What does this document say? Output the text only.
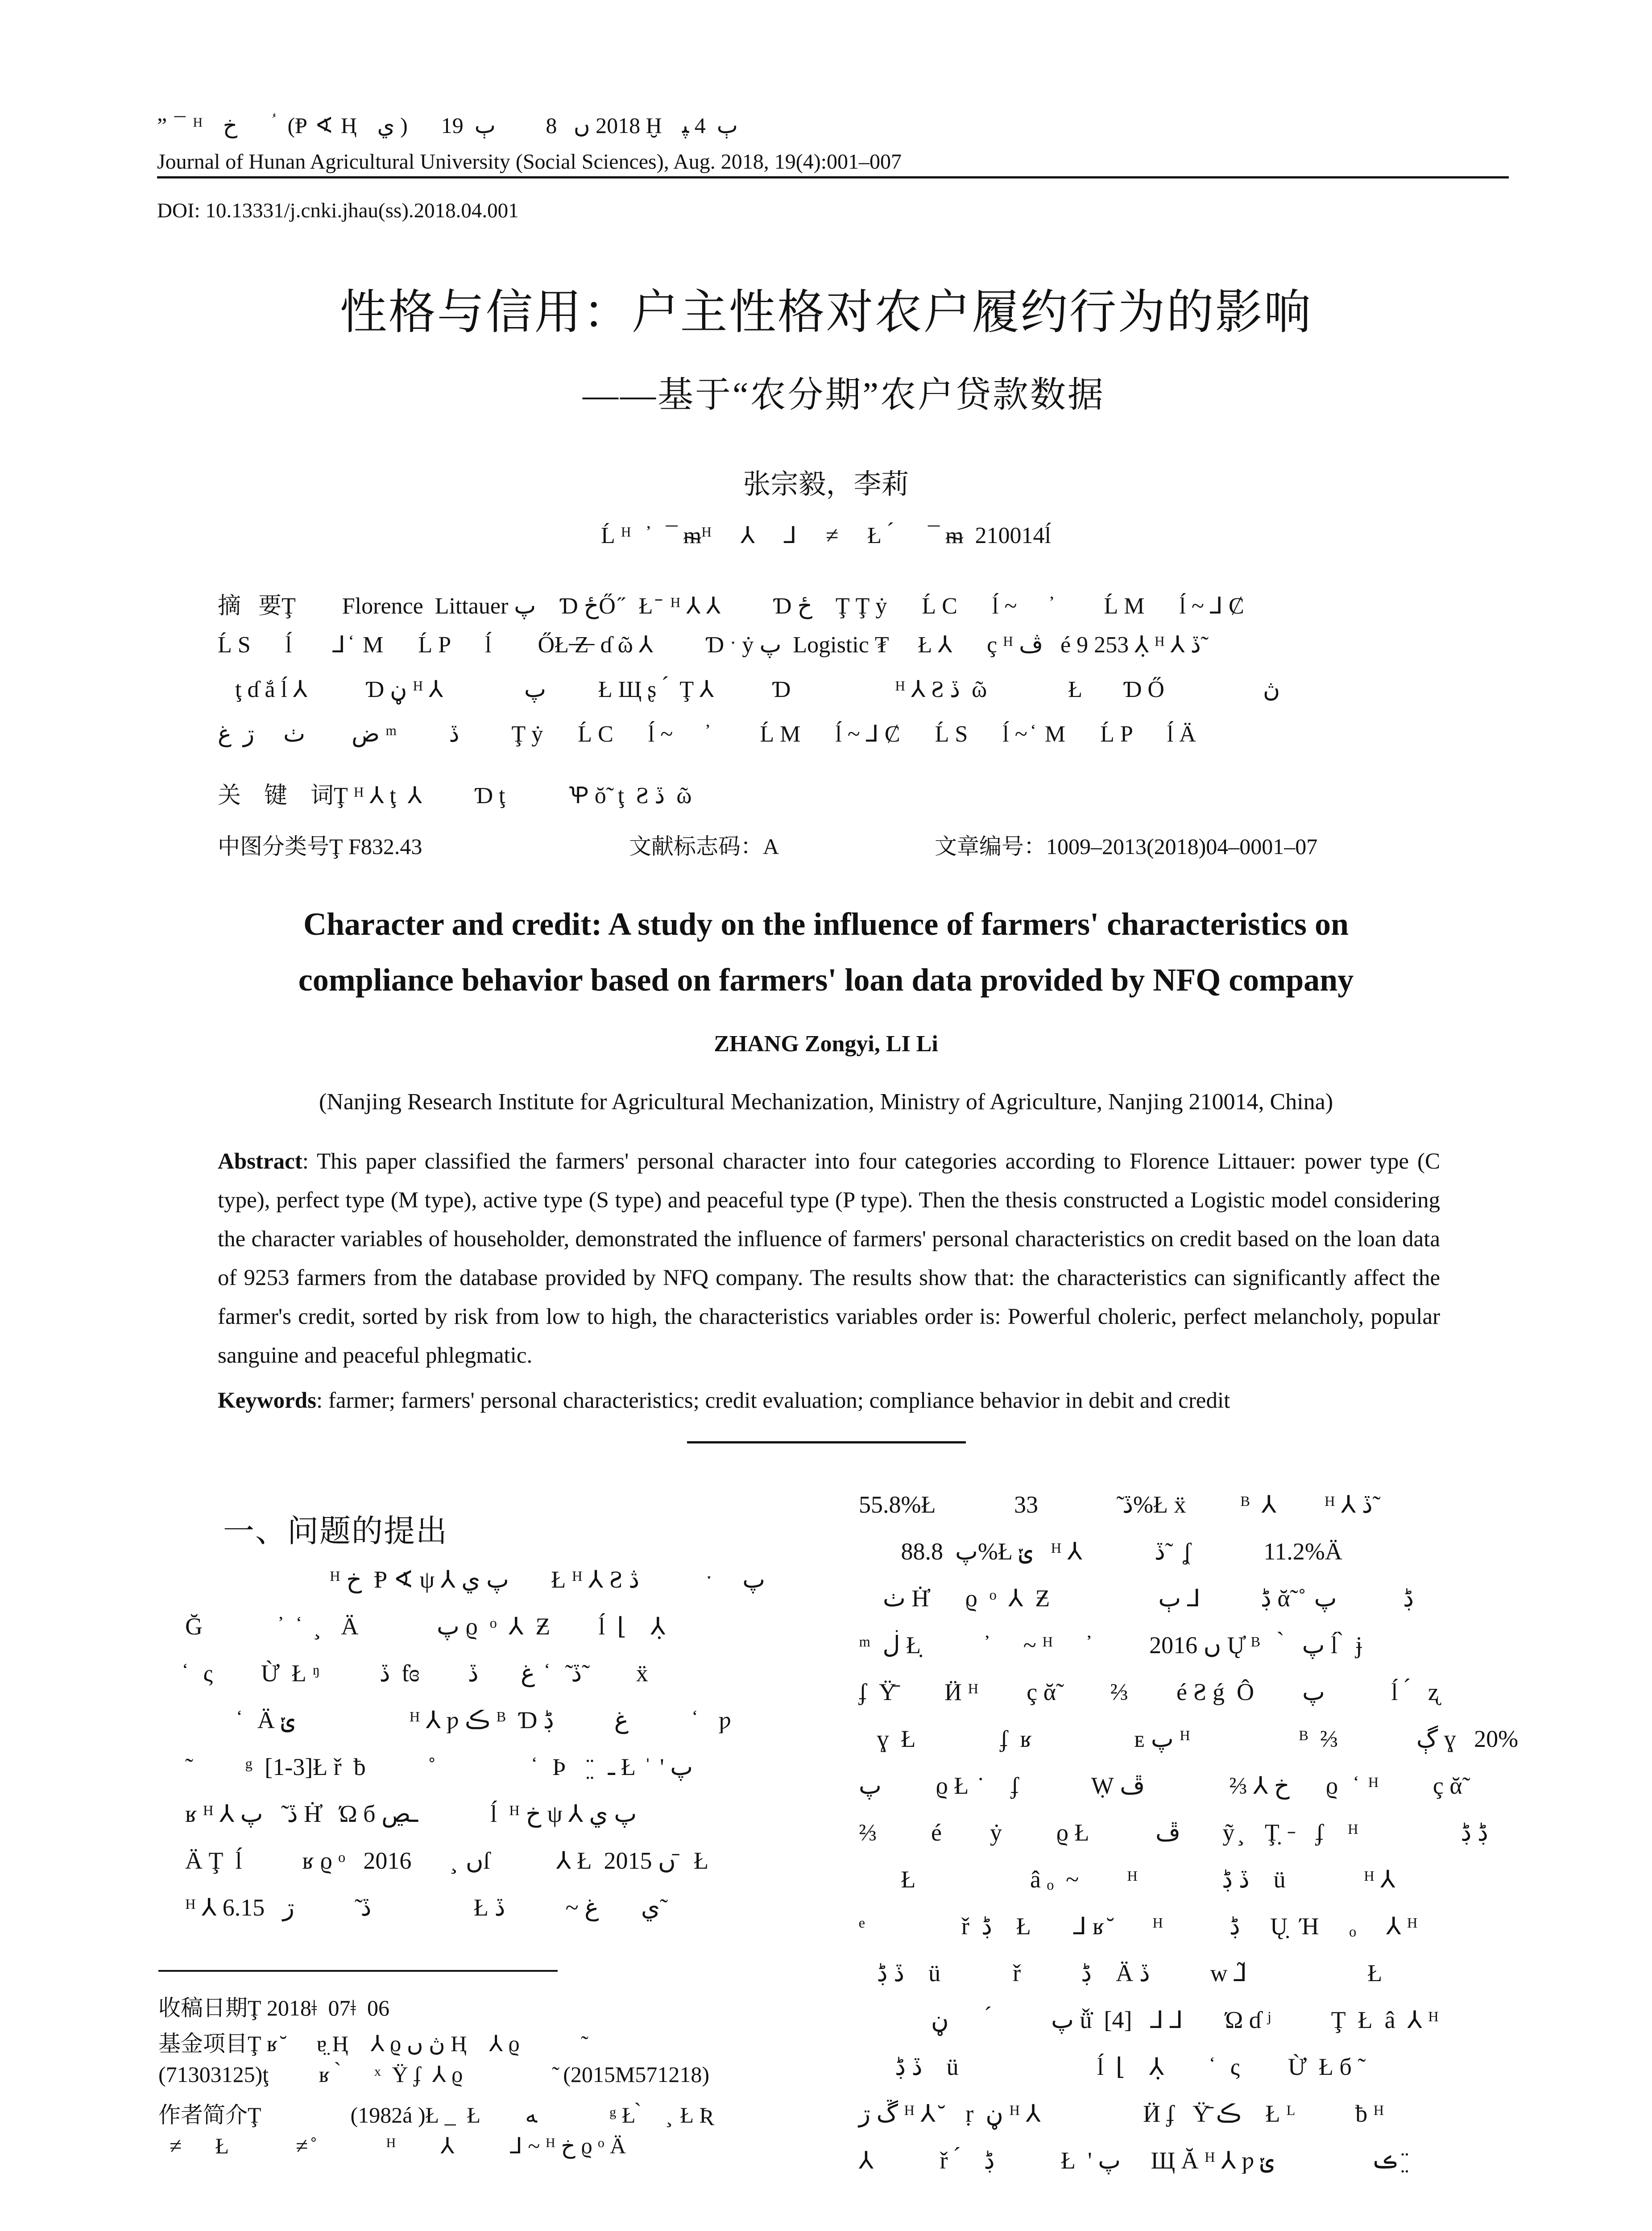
” ¯ ᴴ   خ       ؙ  (Ᵽ ∢ Ⱨ   ي )      2018 ں   8         ٻ  19 Ḫ   ٻ  4 ﭙ
Journal of Hunan Agricultural University (Social Sciences), Aug. 2018, 19(4):001–007
DOI: 10.13331/j.cnki.jhau(ss).2018.04.001
性格与信用：户主性格对农户履约行为的影响
——基于“农分期”农户贷款数据
张宗毅，李莉
Ĺ ᴴ   ̓   ¯ ᵯᴴ     ⅄     ⅃     ≠     Ł  ́      ¯ ᵯ  210014ĺ
摘   要Ţ        Florence  Littauer پ    Ɗ ځŐ ̋   Ł ̄  ᴴ ⅄ ⅄         Ɗ ځ    Ţ Ţ ẏ      Ĺ C      ĺ ~      ̓         Ĺ M      ĺ ~ ⅃ Ȼ
Ĺ S      ĺ       ⅃ ̒  M      Ĺ P      ĺ        ŐŁ ̶Ƶ̶  ɗ ῶ ⅄         Ɗ ˑ ẏ پ  Logistic ₮     Ł ⅄      ç ᴴ ﭪ   é 9 253 ⅄̣ ᴴ ⅄ ڏ ̃
ţ ɗ ắ ĺ ⅄          Ɗ ڼ ᴴ ⅄              پ         Ł Щ ʂ  ́  Ţ ⅄          Ɗ                  ᴴ ⅄ Ƨ ڏ  ῶ              Ł       Ɗ Ő                 ڽ
ض        ٺ     ڗ  ﻍ ᵐ         ڏ         Ţ ẏ      Ĺ C      ĺ ~      ̓         Ĺ M      ĺ ~ ⅃ Ȼ      Ĺ S      ĺ ~ ̒  M      Ĺ P      ĺ Ä
关    键    词Ţ ᴴ ⅄ ţ  ⅄         Ɗ ţ           Ꝕ ŏ̃  ţ  Ƨ ڏ  ῶ
中图分类号Ţ F832.43	文献标志码：A	文章编号：1009–2013(2018)04–0001–07
Character and credit: A study on the influence of farmers' characteristics on
compliance behavior based on farmers' loan data provided by NFQ company
ZHANG Zongyi, LI Li
(Nanjing Research Institute for Agricultural Mechanization, Ministry of Agriculture, Nanjing 210014, China)
Abstract: This paper classified the farmers' personal character into four categories according to Florence Littauer: power type (C type), perfect type (M type), active type (S type) and peaceful type (P type). Then the thesis constructed a Logistic model considering the character variables of householder, demonstrated the influence of farmers' personal characteristics on credit based on the loan data of 9253 farmers from the database provided by NFQ company. The results show that: the characteristics can significantly affect the farmer's credit, sorted by risk from low to high, the characteristics variables order is: Powerful choleric, perfect melancholy, popular sanguine and peaceful phlegmatic.
Keywords: farmer; farmers' personal characteristics; credit evaluation; compliance behavior in debit and credit
一、问题的提出
ᴴ خ  Ᵽ ∢ ψ ⅄ پ ي       Ł ᴴ ⅄ Ƨ ڎ           ˑ     پ
Ğ             ̓   ̒   ̧    Ä             پ ϱ  ᵒ  ⅄  Ƶ        ĺ  ⌊    ⅄̣
̒   ς        Ừ  Ł ᵑ          ڏ  ƭɞ        ڏ ̃   ̒  ﻍ       ڏ ̃        ẍ
̒   Ä ݵ                   ᴴ ⅄ ƿ ڪ ᴮ  Ɗ ﻍ          ڋ            ̒   ƿ
̃          ᵍ  [1-3]Ł ř  ƀ           ̊                 ̒   Þ    ̤̈   ـ Ł  ̍  ' پ
ʁ ᴴ ⅄ ڏ ̃   پ Ḣ̓   Ώ б ـڝ            ĺ  ᴴ خ ψ ⅄ پ ي
Ä Ţ  ĺ          ʁ ϱ ᵒ   ں  ̧       2016ſ           ⅄ Ł  2015 ں ̄  Ł
ᴴ ⅄ ڏ ̃          ڗ   6.15                 Ł ي       ﻍ ~          ڏ ̃
55.8%Ł             ڏ ̃             33%Ł ẍ         ᴮ  ⅄        ᴴ ⅄ ڏ ̃
پ  88.8%Ł ݵ   ᴴ ⅄            ڏ ̃  ʆ            11.2%Ä
ٺ Ḣ̓      ϱ  ᵒ  ⅄  Ƶ                  ڋ          ⅃ ٻ ᾰ̃  ̊  ڋ           پ
ᵐ  ڶ Ł̣           ̓      ~ ᴴ      ̓          2016 ں Ų̓ ᴮ    ̀   پ ĺ ̀  ɉ
ʄ  Ÿ̄        Ӥ ᴴ        ç ᾰ̃         ⅔        é Ƨ ǵ  Ô        پ           ĺ  ́   ʐ
ɣ  Ł              ʄ  ʁ                 ᴇ پ ᴴ                  ᴮ  ⅔             ڳ ɣ   20%
پ         ϱ Ł  ̇     ʄ            Ẉ خ ⅄ ⅔              ڦ      ϱ   ̒  ᴴ         ç ᾰ̃
⅔         é        ẏ         ϱ Ł           ڦ       ỹ ̧    Ţ̣  ̵    ʄ    ᴴ                 ڋ ڋ
Ł                   â ₒ  ~        ᴴ              ڏ ڋ    ü             ᴴ ⅄
ᵉ                ř  ڋ    Ł       ⅃ ʁ ̆       ᴴ           ڋ     Ų̣  Ή     ₒ     ⅄ ᴴ
ڏ ڋ    ü            ř          ڋ    Ä ڏ          ᴡ ⅃̃                    Ł
پ          ́       ڼ ǚ̇  [4]   ⅃ ⅃       Ώ ɗ ʲ          Ţ  Ł  â  ⅄ ᴴ
ڏ ڋ    ü                       ĺ  ⌊    ⅄̣        ̒   ς        Ừ  Ł б ̃
ڱ ڗ ᴴ ⅄ ̆    ṛ  ڼ ᴴ ⅄                 Ӥ ʄ   Ÿ̄ ڪ    Ł ᴸ          ƀ ᴴ
⅄           ř  ́    ڋ           Ł  ' پ     Щ Ă ᴴ ⅄ ƿ ڪ                ݵ  ̤̈
收稿日期Ţ 2018ǂ  07ǂ  06
基金项目Ţ ʁ ̆      ɐ̤ Ⱨ    ⅄ ϱ ڽ ں Ⱨ    ⅄ ϱ           ̃
(71303125)ţ         ʁ  ̀      ˣ  Ÿ ʄ  ⅄ ϱ                ̃  (2015M571218)
作者简介Ţ                (1982á )Ł _  Ł        ﻪ             ᵍ Ł ̀     ̧  Ł Ʀ
≠      Ł            ≠ ̊             ᴴ        ⅄          ⅃ ~ ᴴ خ ϱ ᵒ Ä
